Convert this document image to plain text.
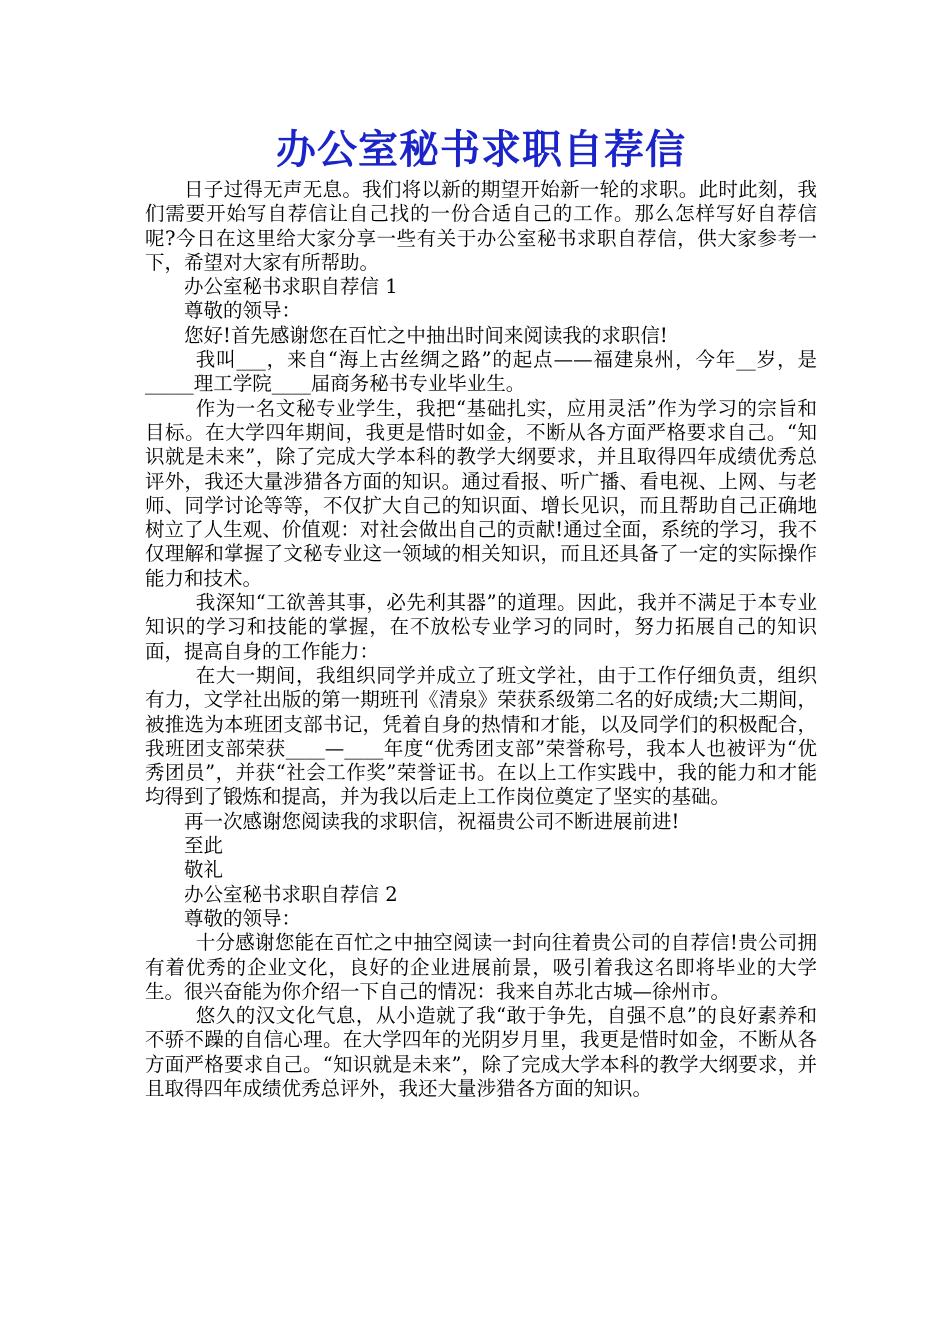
办公室秘书求职自荐信

日子过得无声无息。我们将以新的期望开始新一轮的求职。此时此刻，我们需要开始写自荐信让自己找的一份合适自己的工作。那么怎样写好自荐信呢?今日在这里给大家分享一些有关于办公室秘书求职自荐信，供大家参考一下，希望对大家有所帮助。

办公室秘书求职自荐信 1

尊敬的领导：

您好!首先感谢您在百忙之中抽出时间来阅读我的求职信!

我叫___，来自“海上古丝绸之路”的起点——福建泉州，今年__岁，是_____理工学院____届商务秘书专业毕业生。

作为一名文秘专业学生，我把“基础扎实，应用灵活”作为学习的宗旨和目标。在大学四年期间，我更是惜时如金，不断从各方面严格要求自己。“知识就是未来”，除了完成大学本科的教学大纲要求，并且取得四年成绩优秀总评外，我还大量涉猎各方面的知识。通过看报、听广播、看电视、上网、与老师、同学讨论等等，不仅扩大自己的知识面、增长见识，而且帮助自己正确地树立了人生观、价值观：对社会做出自己的贡献!通过全面，系统的学习，我不仅理解和掌握了文秘专业这一领域的相关知识，而且还具备了一定的实际操作能力和技术。

我深知“工欲善其事，必先利其器”的道理。因此，我并不满足于本专业知识的学习和技能的掌握，在不放松专业学习的同时，努力拓展自己的知识面，提高自身的工作能力：

在大一期间，我组织同学并成立了班文学社，由于工作仔细负责，组织有力，文学社出版的第一期班刊《清泉》荣获系级第二名的好成绩;大二期间，被推选为本班团支部书记，凭着自身的热情和才能，以及同学们的积极配合，我班团支部荣获____—____年度“优秀团支部”荣誉称号，我本人也被评为“优秀团员”，并获“社会工作奖”荣誉证书。在以上工作实践中，我的能力和才能均得到了锻炼和提高，并为我以后走上工作岗位奠定了坚实的基础。

再一次感谢您阅读我的求职信，祝福贵公司不断进展前进!

至此

敬礼

办公室秘书求职自荐信 2

尊敬的领导：

十分感谢您能在百忙之中抽空阅读一封向往着贵公司的自荐信!贵公司拥有着优秀的企业文化，良好的企业进展前景，吸引着我这名即将毕业的大学生。很兴奋能为你介绍一下自己的情况：我来自苏北古城—徐州市。

悠久的汉文化气息，从小造就了我“敢于争先，自强不息”的良好素养和不骄不躁的自信心理。在大学四年的光阴岁月里，我更是惜时如金，不断从各方面严格要求自己。“知识就是未来”，除了完成大学本科的教学大纲要求，并且取得四年成绩优秀总评外，我还大量涉猎各方面的知识。
